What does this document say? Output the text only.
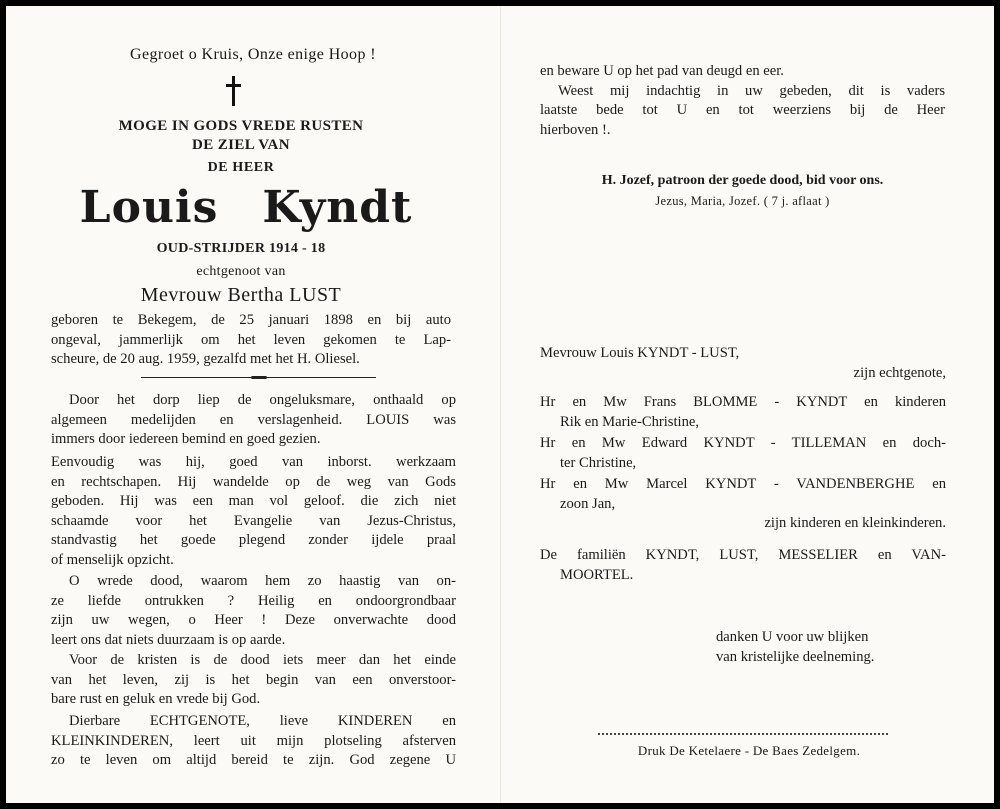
Gegroet o Kruis, Onze enige Hoop !
MOGE IN GODS VREDE RUSTEN
DE ZIEL VAN
DE HEER
Louis Kyndt
OUD-STRIJDER 1914 - 18
echtgenoot van
Mevrouw Bertha LUST
geboren te Bekegem, de 25 januari 1898 en bij auto
ongeval, jammerlijk om het leven gekomen te Lap-
scheure, de 20 aug. 1959, gezalfd met het H. Oliesel.
Door het dorp liep de ongeluksmare, onthaald op
algemeen medelijden en verslagenheid. LOUIS was
immers door iedereen bemind en goed gezien.
Eenvoudig was hij, goed van inborst. werkzaam
en rechtschapen. Hij wandelde op de weg van Gods
geboden. Hij was een man vol geloof. die zich niet
schaamde voor het Evangelie van Jezus-Christus,
standvastig het goede plegend zonder ijdele praal
of menselijk opzicht.
O wrede dood, waarom hem zo haastig van on-
ze liefde ontrukken ? Heilig en ondoorgrondbaar
zijn uw wegen, o Heer ! Deze onverwachte dood
leert ons dat niets duurzaam is op aarde.
Voor de kristen is de dood iets meer dan het einde
van het leven, zij is het begin van een onverstoor-
bare rust en geluk en vrede bij God.
Dierbare ECHTGENOTE, lieve KINDEREN en
KLEINKINDEREN, leert uit mijn plotseling afsterven
zo te leven om altijd bereid te zijn. God zegene U
en beware U op het pad van deugd en eer.
Weest mij indachtig in uw gebeden, dit is vaders
laatste bede tot U en tot weerziens bij de Heer
hierboven !.
H. Jozef, patroon der goede dood, bid voor ons.
Jezus, Maria, Jozef. ( 7 j. aflaat )
Mevrouw Louis KYNDT - LUST,
zijn echtgenote,
Hr en Mw Frans BLOMME - KYNDT en kinderen
Rik en Marie-Christine,
Hr en Mw Edward KYNDT - TILLEMAN en doch-
ter Christine,
Hr en Mw Marcel KYNDT - VANDENBERGHE en
zoon Jan,
zijn kinderen en kleinkinderen.
De familiën KYNDT, LUST, MESSELIER en VAN-
MOORTEL.
danken U voor uw blijken
van kristelijke deelneming.
Druk De Ketelaere - De Baes Zedelgem.
